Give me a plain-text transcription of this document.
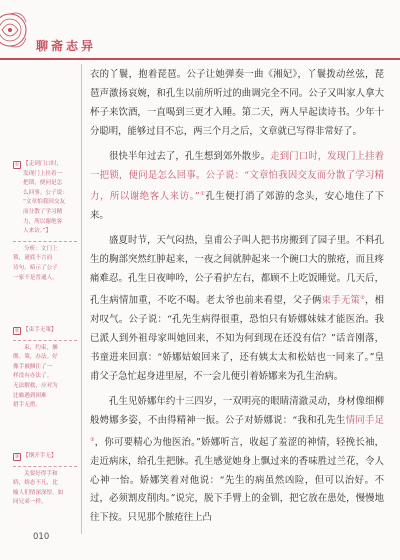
聊斋志异
① 【走到门口时，

发现门上挂着一

把锁，便问是怎

么回事。公子说：

“文章怕我因交友

而分散了学习精

力，所以谢绝客

人来访。”】

分析：文门上

锁，谜底不言而

诗句，暗示了公子

一家不是普通人。

② 【束手无策】

束，约束，捆

绑。策，办法。好

像手被捆住了一

样没有办法了。

无法解救，应对为

比喻遇到困难

措手无措。

③ 【纲开手无】

关要好得手和

娇，娇态不凡，比

喻人们情深深厚，如

同兄弟一样。

衣的丫鬟，抱着琵琶。公子让她弹奏一曲《湘妃》，丫鬟拨动丝弦，琵琶声激扬哀婉，和孔生以前所听过的曲调完全不同。公子又叫家人拿大杯子来饮酒，一直喝到三更才入睡。第二天，两人早起读诗书。少年十分聪明，能够过目不忘，两三个月之后，文章就已写得非常好了。

很快半年过去了，孔生想到郊外散步。走到门口时，发现门上挂着一把锁，便问是怎么回事。公子说：“文章怕我因交友而分散了学习精力，所以谢绝客人来访。”①孔生便打消了郊游的念头，安心地住了下来。

盛夏时节，天气闷热，皇甫公子叫人把书房搬到了园子里。不料孔生的胸部突然红肿起来，一夜之间就肿起来一个碗口大的脓疮，而且疼痛难忍。孔生日夜呻吟，公子看护左右，都顾不上吃饭睡觉。几天后，孔生病情加重，不吃不喝。老太爷也前来看望，父子俩束手无策②，相对叹气。公子说：“孔先生病得很重，恐怕只有娇娜妹妹才能医治。我已派人到外祖母家叫她回来，不知为何到现在还没有信？”话音刚落，书童进来回禀：“娇娜姑娘回来了，还有姨太太和松姑也一同来了。”皇甫父子急忙起身进里屋，不一会儿便引着娇娜来为孔生治病。

孔生见娇娜年约十三四岁，一双明亮的眼睛清澈灵动，身材像细柳般娉娜多姿，不由得精神一振。公子对娇娜说：“我和孔先生情同手足③，你可要精心为他医治。”娇娜听言，收起了羞涩的神情，轻挽长袖，走近病床，给孔生把脉。孔生感觉她身上飘过来的香味胜过兰花，令人心神一怡。娇娜笑着对他说：“先生的病虽然凶险，但可以治好。不过，必须割皮削肉。”说完，脱下手臂上的金钏，把它放在患处，慢慢地往下按。只见那个脓疮往上凸

010
